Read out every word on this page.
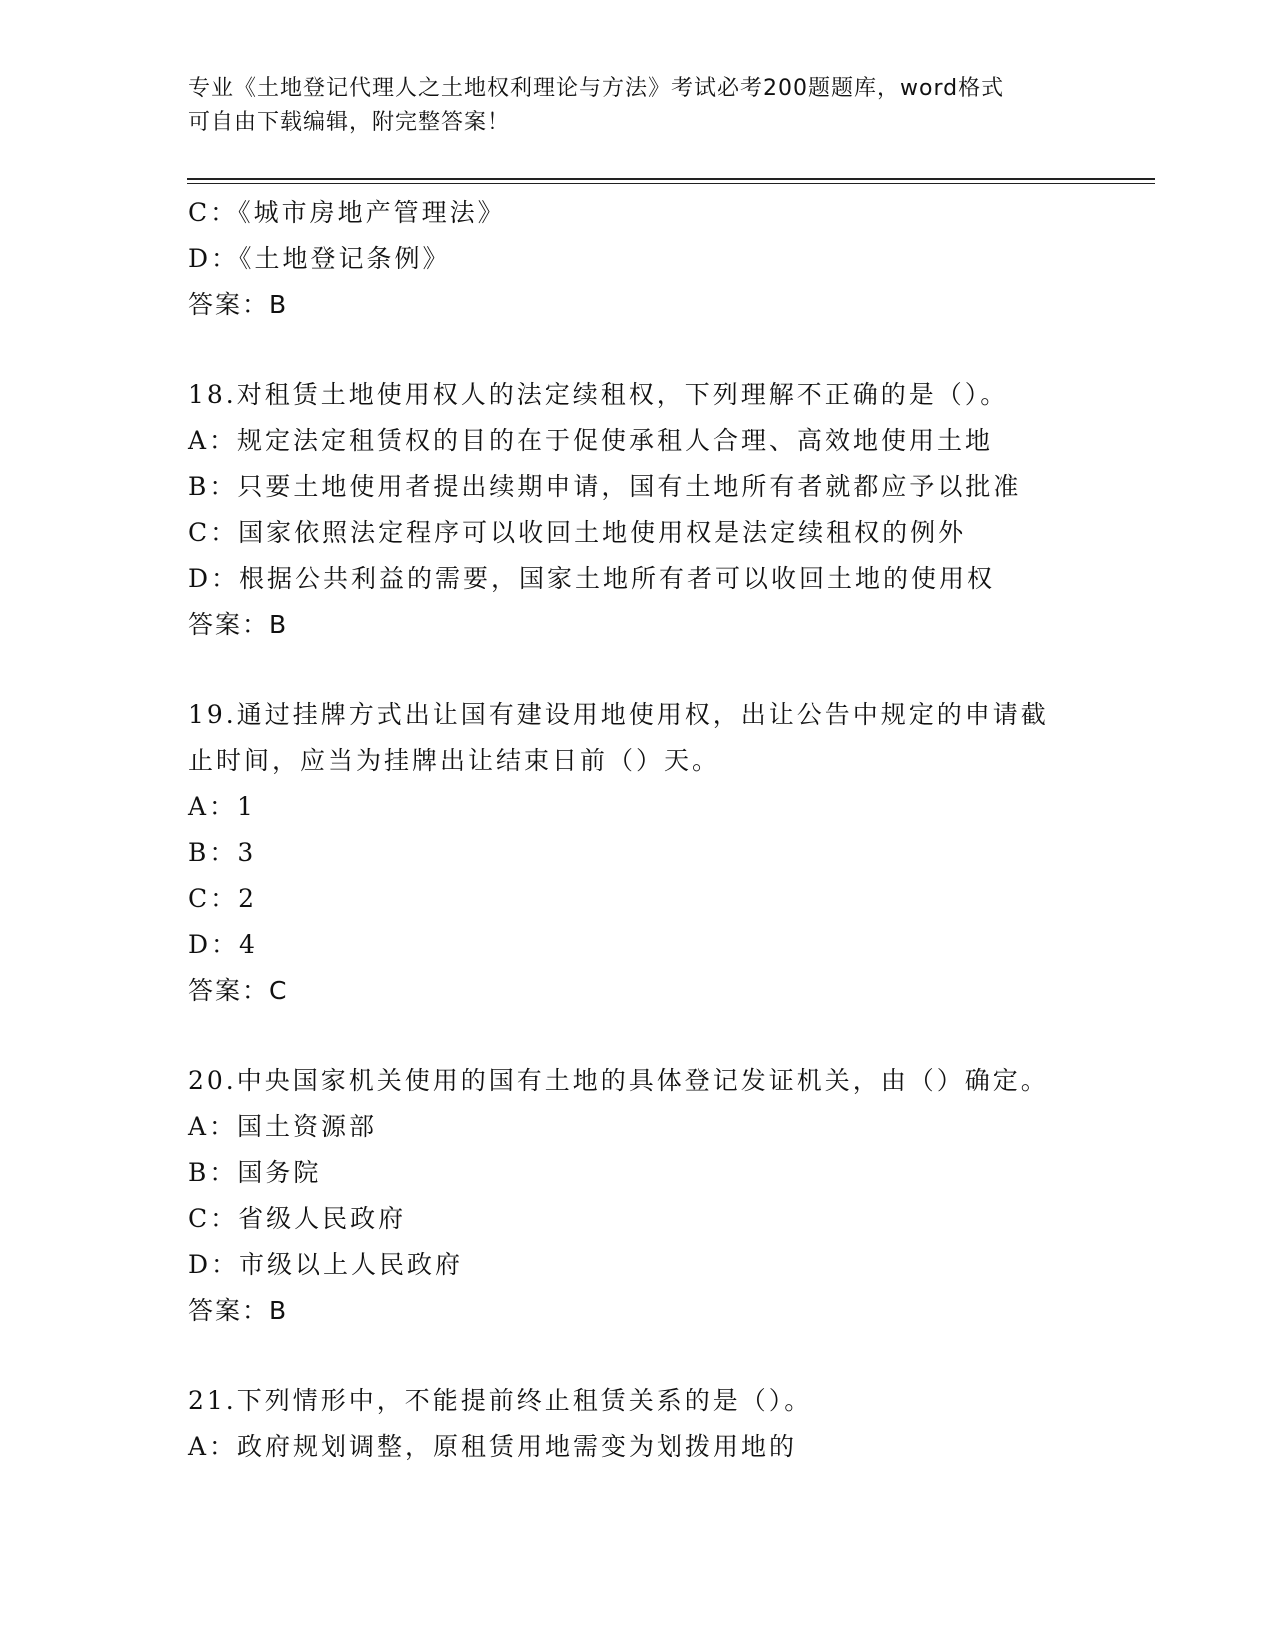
专业《土地登记代理人之土地权利理论与方法》考试必考200题题库，word格式
可自由下载编辑，附完整答案！
C：《城市房地产管理法》
D：《土地登记条例》
答案：B
18.对租赁土地使用权人的法定续租权，下列理解不正确的是（）。
A：规定法定租赁权的目的在于促使承租人合理、高效地使用土地
B：只要土地使用者提出续期申请，国有土地所有者就都应予以批准
C：国家依照法定程序可以收回土地使用权是法定续租权的例外
D：根据公共利益的需要，国家土地所有者可以收回土地的使用权
答案：B
19.通过挂牌方式出让国有建设用地使用权，出让公告中规定的申请截
止时间，应当为挂牌出让结束日前（）天。
A：1
B：3
C：2
D：4
答案：C
20.中央国家机关使用的国有土地的具体登记发证机关，由（）确定。
A：国土资源部
B：国务院
C：省级人民政府
D：市级以上人民政府
答案：B
21.下列情形中，不能提前终止租赁关系的是（）。
A：政府规划调整，原租赁用地需变为划拨用地的
